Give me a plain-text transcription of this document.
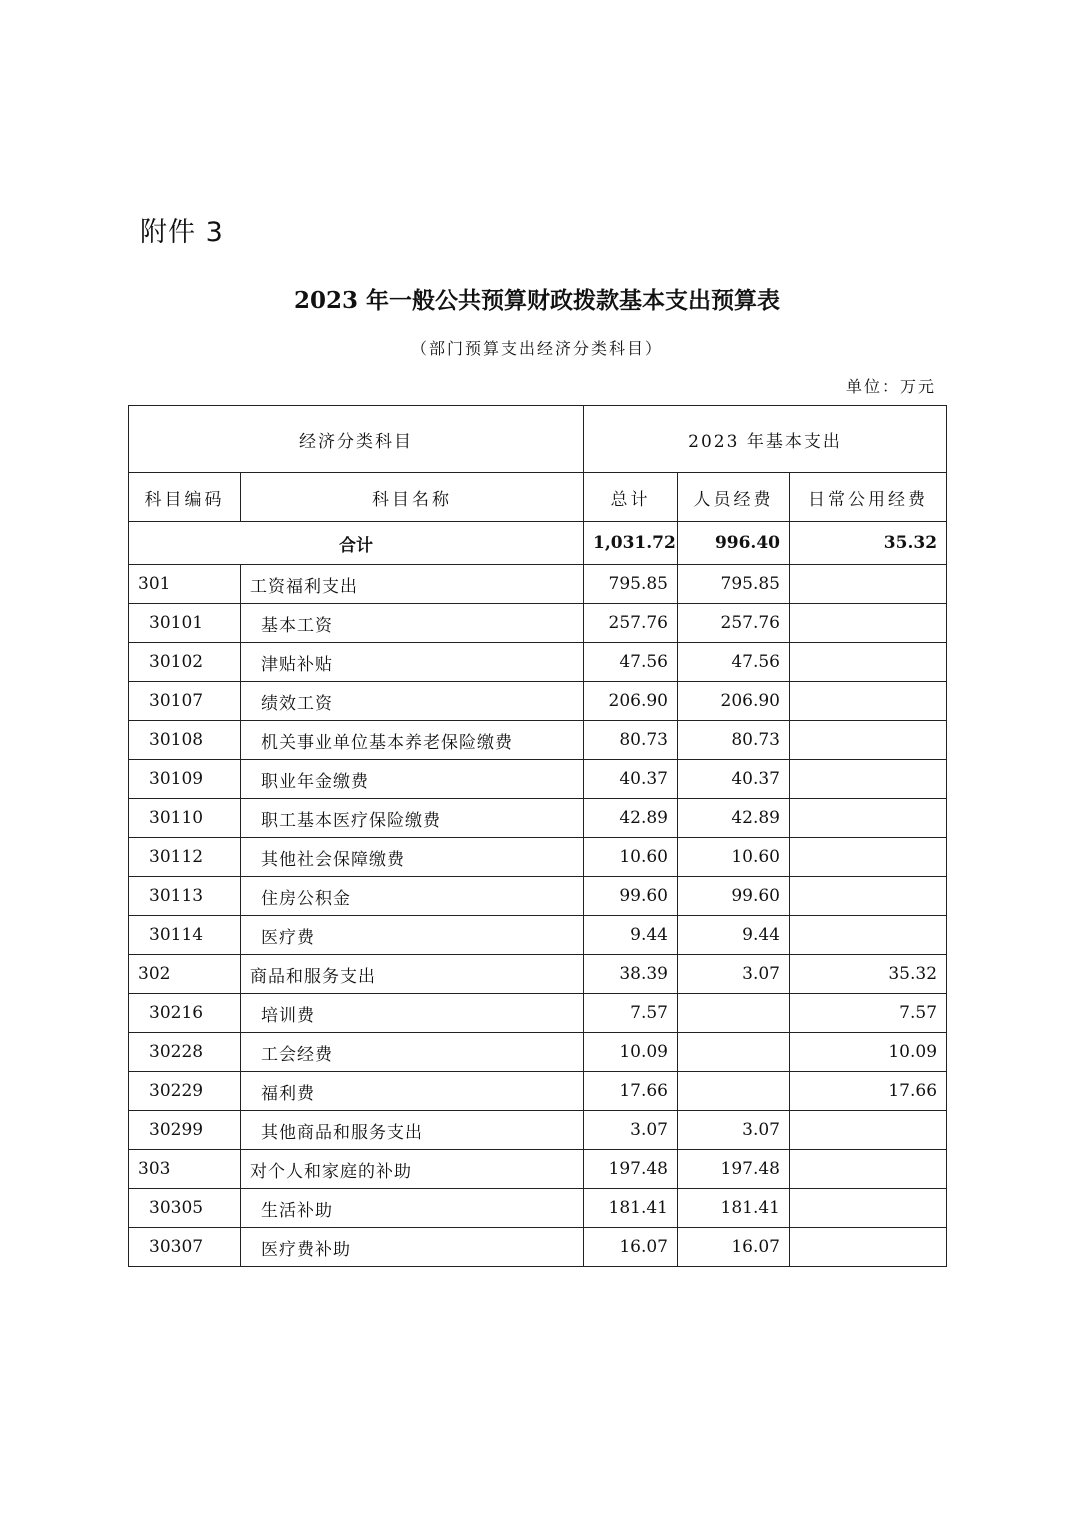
附件 3
2023 年一般公共预算财政拨款基本支出预算表
（部门预算支出经济分类科目）
单位：万元
经济分类科目		2023 年基本支出		
科目编码	科目名称	总计	人员经费	日常公用经费
合计		1,031.72	996.40	35.32
301	工资福利支出	795.85	795.85	
30101	基本工资	257.76	257.76	
30102	津贴补贴	47.56	47.56	
30107	绩效工资	206.90	206.90	
30108	机关事业单位基本养老保险缴费	80.73	80.73	
30109	职业年金缴费	40.37	40.37	
30110	职工基本医疗保险缴费	42.89	42.89	
30112	其他社会保障缴费	10.60	10.60	
30113	住房公积金	99.60	99.60	
30114	医疗费	9.44	9.44	
302	商品和服务支出	38.39	3.07	35.32
30216	培训费	7.57		7.57
30228	工会经费	10.09		10.09
30229	福利费	17.66		17.66
30299	其他商品和服务支出	3.07	3.07	
303	对个人和家庭的补助	197.48	197.48	
30305	生活补助	181.41	181.41	
30307	医疗费补助	16.07	16.07	
